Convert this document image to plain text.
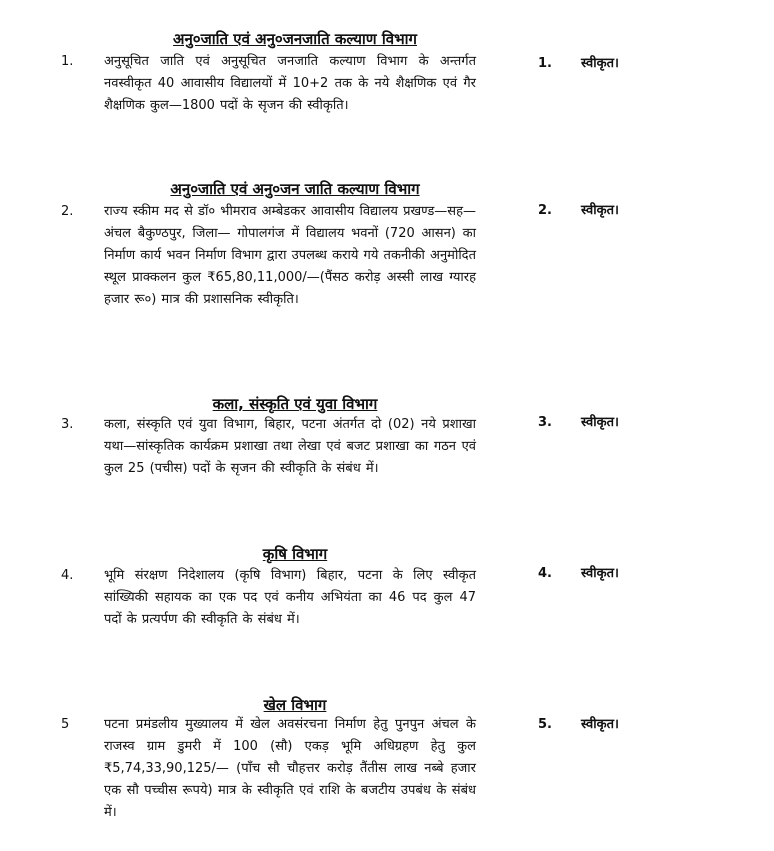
अनु०जाति एवं अनु०जनजाति कल्याण विभाग
1. अनुसूचित जाति एवं अनुसूचित जनजाति कल्याण विभाग के अन्तर्गत नवस्वीकृत 40 आवासीय विद्यालयों में 10+2 तक के नये शैक्षणिक एवं गैर शैक्षणिक कुल—1800 पदों के सृजन की स्वीकृति।
1. स्वीकृत।
अनु०जाति एवं अनु०जन जाति कल्याण विभाग
2. राज्य स्कीम मद से डॉ० भीमराव अम्बेडकर आवासीय विद्यालय प्रखण्ड—सह—अंचल बैकुण्ठपुर, जिला— गोपालगंज में विद्यालय भवनों (720 आसन) का निर्माण कार्य भवन निर्माण विभाग द्वारा उपलब्ध कराये गये तकनीकी अनुमोदित स्थूल प्राक्कलन कुल ₹65,80,11,000/—(पैंसठ करोड़ अस्सी लाख ग्यारह हजार रू०) मात्र की प्रशासनिक स्वीकृति।
2. स्वीकृत।
कला, संस्कृति एवं युवा विभाग
3. कला, संस्कृति एवं युवा विभाग, बिहार, पटना अंतर्गत दो (02) नये प्रशाखा यथा—सांस्कृतिक कार्यक्रम प्रशाखा तथा लेखा एवं बजट प्रशाखा का गठन एवं कुल 25 (पचीस) पदों के सृजन की स्वीकृति के संबंध में।
3. स्वीकृत।
कृषि विभाग
4. भूमि संरक्षण निदेशालय (कृषि विभाग) बिहार, पटना के लिए स्वीकृत सांख्यिकी सहायक का एक पद एवं कनीय अभियंता का 46 पद कुल 47 पदों के प्रत्यर्पण की स्वीकृति के संबंध में।
4. स्वीकृत।
खेल विभाग
5	पटना प्रमंडलीय मुख्यालय में खेल अवसंरचना निर्माण हेतु पुनपुन अंचल के राजस्व ग्राम डुमरी में 100 (सौ) एकड़ भूमि अधिग्रहण हेतु कुल ₹5,74,33,90,125/— (पाँच सौ चौहत्तर करोड़ तैंतीस लाख नब्बे हजार एक सौ पच्चीस रूपये) मात्र के स्वीकृति एवं राशि के बजटीय उपबंध के संबंध में।
5. स्वीकृत।
